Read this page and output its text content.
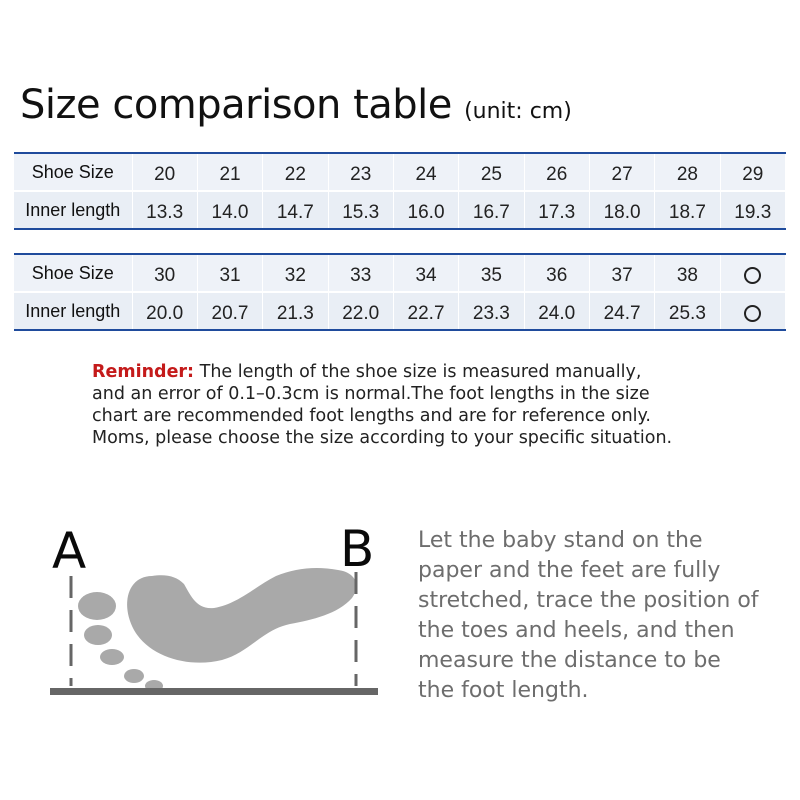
Size comparison table (unit: cm)
Shoe Size	20	21	22	23	24	25	26	27	28	29
Inner length	13.3	14.0	14.7	15.3	16.0	16.7	17.3	18.0	18.7	19.3
Shoe Size	30	31	32	33	34	35	36	37	38	
Inner length	20.0	20.7	21.3	22.0	22.7	23.3	24.0	24.7	25.3	

Reminder: The length of the shoe size is measured manually,
and an error of 0.1–0.3cm is normal.The foot lengths in the size
chart are recommended foot lengths and are for reference only.
Moms, please choose the size according to your specific situation.

A	B Let the baby stand on the
paper and the feet are fully
stretched, trace the position of
the toes and heels, and then
measure the distance to be
the foot length.
